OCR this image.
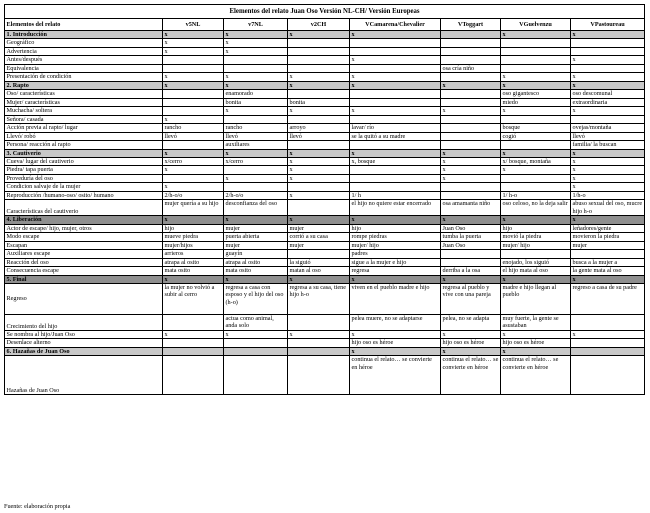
Elementos del relato Juan Oso Versión NL-CH/ Versión Europeas							
Elementos del relato	v5NL	v7NL	v2CH	VCamarena/Chevalier	VToggart	VGuelvenzu	VPastoureau
1. Introducción	x	x	x	x		x	x
Geográfico	x	x					
Advertencia	x	x					
Antes/después				x			x
Equivalencia					osa cría niño		
Presentación de condición	x	x	x	x		x	x
2. Rapto	x	x	x	x	x	x	x
Oso/ características		enamorado				oso gigantesco	oso descomunal
Mujer/ características		bonita	bonita			miedo	extraordinaria
Muchacha/ soltera		x	x	x	x	x	x
Señora/ casada	x						
Acción previa al rapto/ lugar	rancho	rancho	arroyo	lavar/ río		bosque	ovejas/montaña
Llevó/ robó	llevó	llevó	llevó	se la quitó a su madre		cogió	llevó
Persona/ reacción al rapto		auxiliares					familia/ la buscan
3. Cautiverio	x	x	x	x	x	x	x
Cueva/ lugar del cautiverio	x/cerro	x/cerro	x	x, bosque	x	x/ bosque, montaña	x
Piedra/ tapa puerta	x		x		x	x	x
Proveduría del oso		x	x		x		x
Condicion salvaje de la mujer	x						x
Reproducción /humano-oso/ osito/ humano	2/h-o/o	2/h-o/o	x	1/ h		1/ h-o	1/h-o
Características del cautiverio	mujer quería a su hijo	desconfianza del oso		el hijo no quiere estar encerrado	osa amamanta niño	oso celoso, no la deja salir	abuso sexual del oso, mucre hijo h-o
4. Liberación	x	x	x	x	x	x	x
Actor de escape/ hijo, mujer, otros	hijo	mujer	mujer	hijo	Juan Oso	hijo	leñadores/gente
Modo escape	mueve piedra	puerta abierta	corrió a su casa	rompe piedras	tumba la puerta	movió la piedra	movieron la piedra
Escapan	mujer/hijos	mujer	mujer	mujer/ hijo	Juan Oso	mujer/ hijo	mujer
Auxiliares escape	arrieros	guayín		padres			
Reacción del oso	atrapa al osito	atrapa al osito	la siguió	sigue a la mujer e hijo		enojado, los siguió	busca a la mujer a
Consecuencia escape	mata osito	mata osito	matan al oso	regresa	derriba a la osa	el hijo mata al oso	la gente mata al oso
5. Final	x	x	x	x	x	x	x
Regreso	la mujer no volvió a subir al cerro	regresa a casa con esposo y el hijo del oso (h-o)	regresa a su casa, tiene hijo h-o	viven en el pueblo madre e hijo	regresa al pueblo y vive con una pareja	madre e hijo llegan al pueblo	regreso a casa de su padre
Crecimiento del hijo		actua como animal, anda solo		pelea muere, no se adaptarse	pelea, no se adapta	muy fuerte, la gente se asustaban	
Se nombra al hijo/Juan Oso	x	x	x	x	x	x	x
Desenlace alterno				hijo oso es héroe	hijo oso es héroe	hijo oso es héroe	
6. Hazañas de Juan Oso				x	x	x	
Hazañas de Juan Oso				continua el relato… se convierte en héroe	continua el relato… se convierte en héroe	continua el relato… se convierte en héroe	
Fuente: elaboración propia
